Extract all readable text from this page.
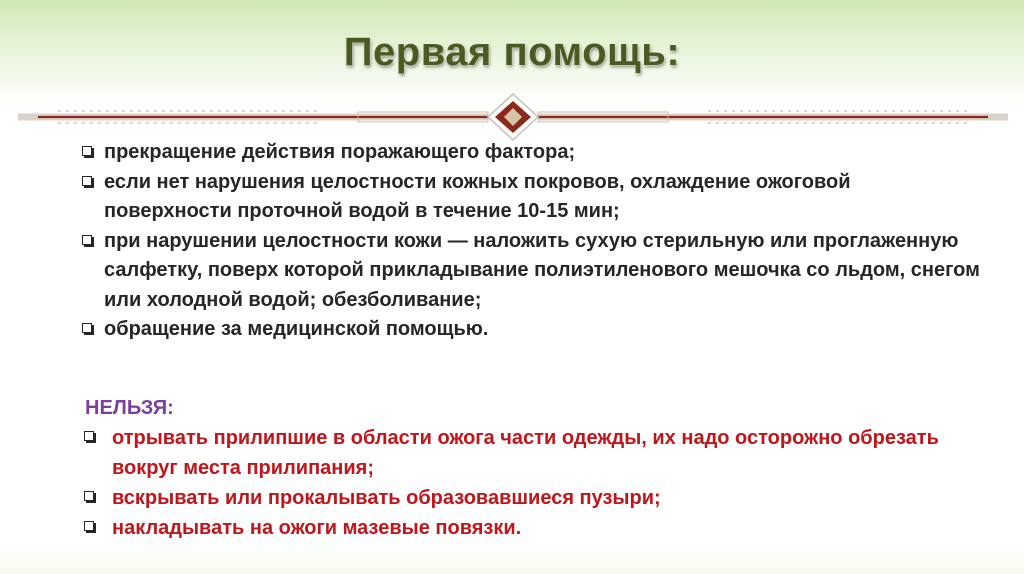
Первая помощь:
прекращение действия поражающего фактора;
если нет нарушения целостности кожных покровов, охлаждение ожоговой поверхности проточной водой в течение 10-15 мин;
при нарушении целостности кожи — наложить сухую стерильную или проглаженную салфетку, поверх которой прикладывание полиэтиленового мешочка со льдом, снегом или холодной водой; обезболивание;
обращение за медицинской помощью.
НЕЛЬЗЯ:
отрывать прилипшие в области ожога части одежды, их надо осторожно обрезать вокруг места прилипания;
вскрывать или прокалывать образовавшиеся пузыри;
накладывать на ожоги мазевые повязки.
